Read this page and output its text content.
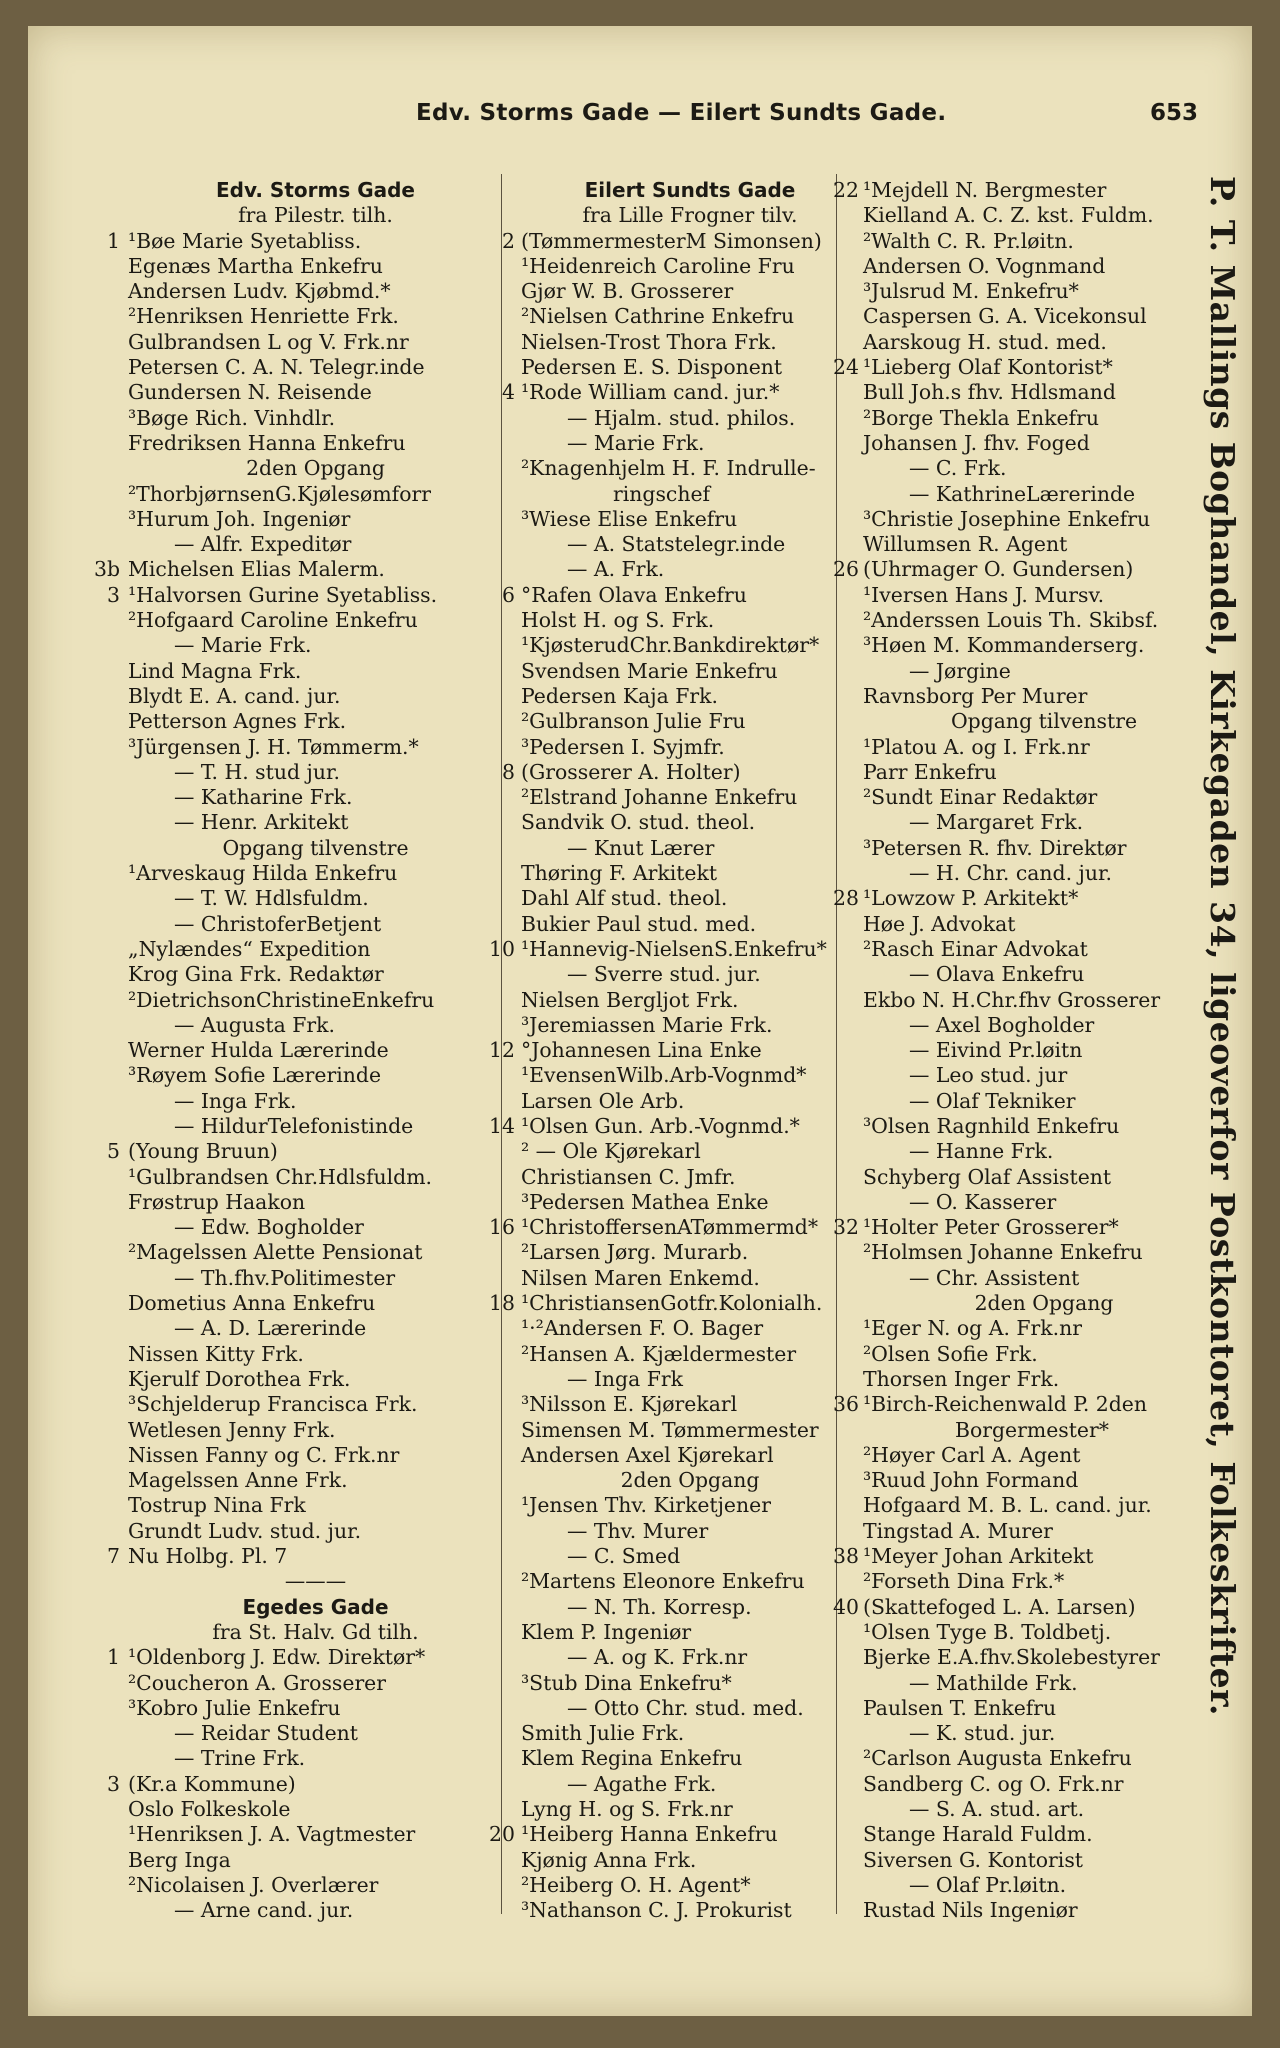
Edv. Storms Gade — Eilert Sundts Gade.	653
Edv. Storms Gade
fra Pilestr. tilh.
1 ¹Bøe Marie Syetabliss.
Egenæs Martha Enkefru
Andersen Ludv. Kjøbmd.*
²Henriksen Henriette Frk.
Gulbrandsen L og V. Frk.nr
Petersen C. A. N. Telegr.inde
Gundersen N. Reisende
³Bøge Rich. Vinhdlr.
Fredriksen Hanna Enkefru
2den Opgang
²ThorbjørnsenG.Kjølesømforr
³Hurum Joh. Ingeniør
— Alfr. Expeditør
3b Michelsen Elias Malerm.
3 ¹Halvorsen Gurine Syetabliss.
²Hofgaard Caroline Enkefru
— Marie Frk.
Lind Magna Frk.
Blydt E. A. cand. jur.
Petterson Agnes Frk.
³Jürgensen J. H. Tømmerm.*
— T. H. stud jur.
— Katharine Frk.
— Henr. Arkitekt
Opgang tilvenstre
¹Arveskaug Hilda Enkefru
— T. W. Hdlsfuldm.
— ChristoferBetjent
„Nylændes“ Expedition
Krog Gina Frk. Redaktør
²DietrichsonChristineEnkefru
— Augusta Frk.
Werner Hulda Lærerinde
³Røyem Sofie Lærerinde
— Inga Frk.
— HildurTelefonistinde
5 (Young Bruun)
¹Gulbrandsen Chr.Hdlsfuldm.
Frøstrup Haakon
— Edw. Bogholder
²Magelssen Alette Pensionat
— Th.fhv.Politimester
Dometius Anna Enkefru
— A. D. Lærerinde
Nissen Kitty Frk.
Kjerulf Dorothea Frk.
³Schjelderup Francisca Frk.
Wetlesen Jenny Frk.
Nissen Fanny og C. Frk.nr
Magelssen Anne Frk.
Tostrup Nina Frk
Grundt Ludv. stud. jur.
7 Nu Holbg. Pl. 7
———
Egedes Gade
fra St. Halv. Gd tilh.
1 ¹Oldenborg J. Edw. Direktør*
²Coucheron A. Grosserer
³Kobro Julie Enkefru
— Reidar Student
— Trine Frk.
3 (Kr.a Kommune)
Oslo Folkeskole
¹Henriksen J. A. Vagtmester
Berg Inga
²Nicolaisen J. Overlærer
— Arne cand. jur.
Eilert Sundts Gade
fra Lille Frogner tilv.
2 (TømmermesterM Simonsen)
¹Heidenreich Caroline Fru
Gjør W. B. Grosserer
²Nielsen Cathrine Enkefru
Nielsen-Trost Thora Frk.
Pedersen E. S. Disponent
4 ¹Rode William cand. jur.*
— Hjalm. stud. philos.
— Marie Frk.
²Knagenhjelm H. F. Indrulle-
ringschef
³Wiese Elise Enkefru
— A. Statstelegr.inde
— A. Frk.
6 °Rafen Olava Enkefru
Holst H. og S. Frk.
¹KjøsterudChr.Bankdirektør*
Svendsen Marie Enkefru
Pedersen Kaja Frk.
²Gulbranson Julie Fru
³Pedersen I. Syjmfr.
8 (Grosserer A. Holter)
²Elstrand Johanne Enkefru
Sandvik O. stud. theol.
— Knut Lærer
Thøring F. Arkitekt
Dahl Alf stud. theol.
Bukier Paul stud. med.
10 ¹Hannevig-NielsenS.Enkefru*
— Sverre stud. jur.
Nielsen Bergljot Frk.
³Jeremiassen Marie Frk.
12 °Johannesen Lina Enke
¹EvensenWilb.Arb-Vognmd*
Larsen Ole Arb.
14 ¹Olsen Gun. Arb.-Vognmd.*
² — Ole Kjørekarl
Christiansen C. Jmfr.
³Pedersen Mathea Enke
16 ¹ChristoffersenATømmermd*
²Larsen Jørg. Murarb.
Nilsen Maren Enkemd.
18 ¹ChristiansenGotfr.Kolonialh.
¹·²Andersen F. O. Bager
²Hansen A. Kjældermester
— Inga Frk
³Nilsson E. Kjørekarl
Simensen M. Tømmermester
Andersen Axel Kjørekarl
2den Opgang
¹Jensen Thv. Kirketjener
— Thv. Murer
— C. Smed
²Martens Eleonore Enkefru
— N. Th. Korresp.
Klem P. Ingeniør
— A. og K. Frk.nr
³Stub Dina Enkefru*
— Otto Chr. stud. med.
Smith Julie Frk.
Klem Regina Enkefru
— Agathe Frk.
Lyng H. og S. Frk.nr
20 ¹Heiberg Hanna Enkefru
Kjønig Anna Frk.
²Heiberg O. H. Agent*
³Nathanson C. J. Prokurist
22 ¹Mejdell N. Bergmester
Kielland A. C. Z. kst. Fuldm.
²Walth C. R. Pr.løitn.
Andersen O. Vognmand
³Julsrud M. Enkefru*
Caspersen G. A. Vicekonsul
Aarskoug H. stud. med.
24 ¹Lieberg Olaf Kontorist*
Bull Joh.s fhv. Hdlsmand
²Borge Thekla Enkefru
Johansen J. fhv. Foged
— C. Frk.
— KathrineLærerinde
³Christie Josephine Enkefru
Willumsen R. Agent
26 (Uhrmager O. Gundersen)
¹Iversen Hans J. Mursv.
²Anderssen Louis Th. Skibsf.
³Høen M. Kommanderserg.
— Jørgine
Ravnsborg Per Murer
Opgang tilvenstre
¹Platou A. og I. Frk.nr
Parr Enkefru
²Sundt Einar Redaktør
— Margaret Frk.
³Petersen R. fhv. Direktør
— H. Chr. cand. jur.
28 ¹Lowzow P. Arkitekt*
Høe J. Advokat
²Rasch Einar Advokat
— Olava Enkefru
Ekbo N. H.Chr.fhv Grosserer
— Axel Bogholder
— Eivind Pr.løitn
— Leo stud. jur
— Olaf Tekniker
³Olsen Ragnhild Enkefru
— Hanne Frk.
Schyberg Olaf Assistent
— O. Kasserer
32 ¹Holter Peter Grosserer*
²Holmsen Johanne Enkefru
— Chr. Assistent
2den Opgang
¹Eger N. og A. Frk.nr
²Olsen Sofie Frk.
Thorsen Inger Frk.
36 ¹Birch-Reichenwald P. 2den
Borgermester*
²Høyer Carl A. Agent
³Ruud John Formand
Hofgaard M. B. L. cand. jur.
Tingstad A. Murer
38 ¹Meyer Johan Arkitekt
²Forseth Dina Frk.*
40 (Skattefoged L. A. Larsen)
¹Olsen Tyge B. Toldbetj.
Bjerke E.A.fhv.Skolebestyrer
— Mathilde Frk.
Paulsen T. Enkefru
— K. stud. jur.
²Carlson Augusta Enkefru
Sandberg C. og O. Frk.nr
— S. A. stud. art.
Stange Harald Fuldm.
Siversen G. Kontorist
— Olaf Pr.løitn.
Rustad Nils Ingeniør
P. T. Mallings Boghandel, Kirkegaden 34, ligeoverfor Postkontoret, Folkeskrifter.
